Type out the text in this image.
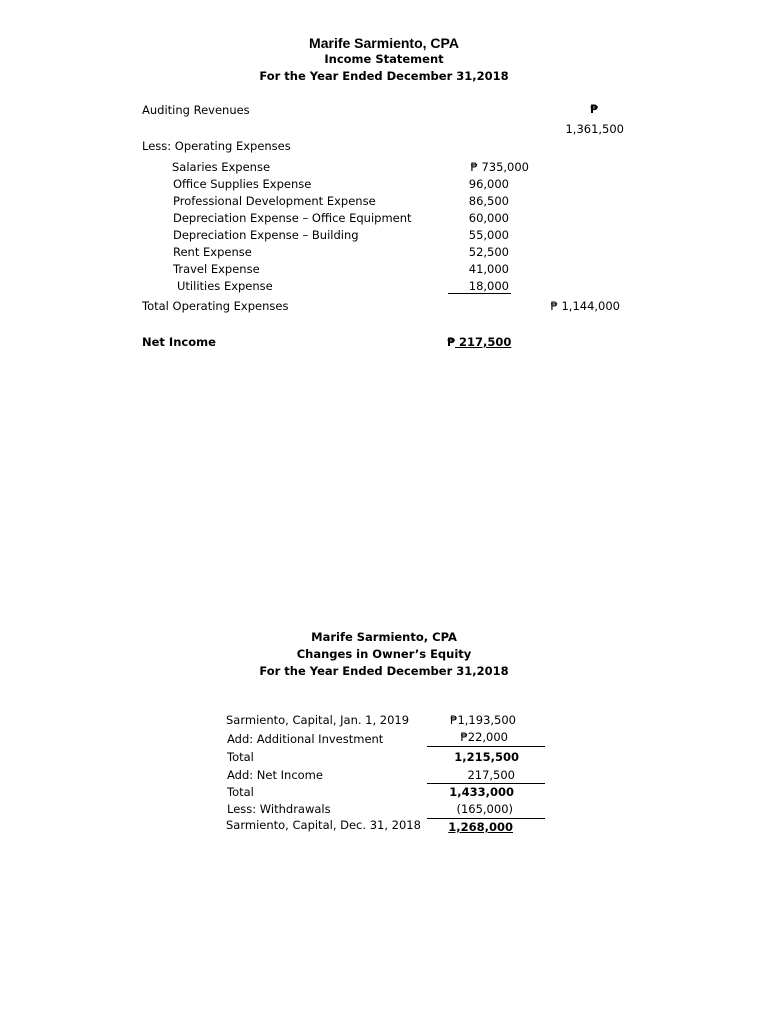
Marife Sarmiento, CPA
Income Statement
For the Year Ended December 31,2018
Auditing Revenues	₱
1,361,500
Less: Operating Expenses
Salaries Expense	₱ 735,000
Office Supplies Expense	96,000
Professional Development Expense	86,500
Depreciation Expense – Office Equipment	60,000
Depreciation Expense – Building	55,000
Rent Expense	52,500
Travel Expense	41,000
Utilities Expense	18,000
Total Operating Expenses	₱ 1,144,000
Net Income	₱ 217,500
Marife Sarmiento, CPA
Changes in Owner’s Equity
For the Year Ended December 31,2018
Sarmiento, Capital, Jan. 1, 2019	₱1,193,500
Add: Additional Investment	₱22,000
Total	1,215,500
Add: Net Income	217,500
Total	1,433,000
Less: Withdrawals	(165,000)
Sarmiento, Capital, Dec. 31, 2018	1,268,000
